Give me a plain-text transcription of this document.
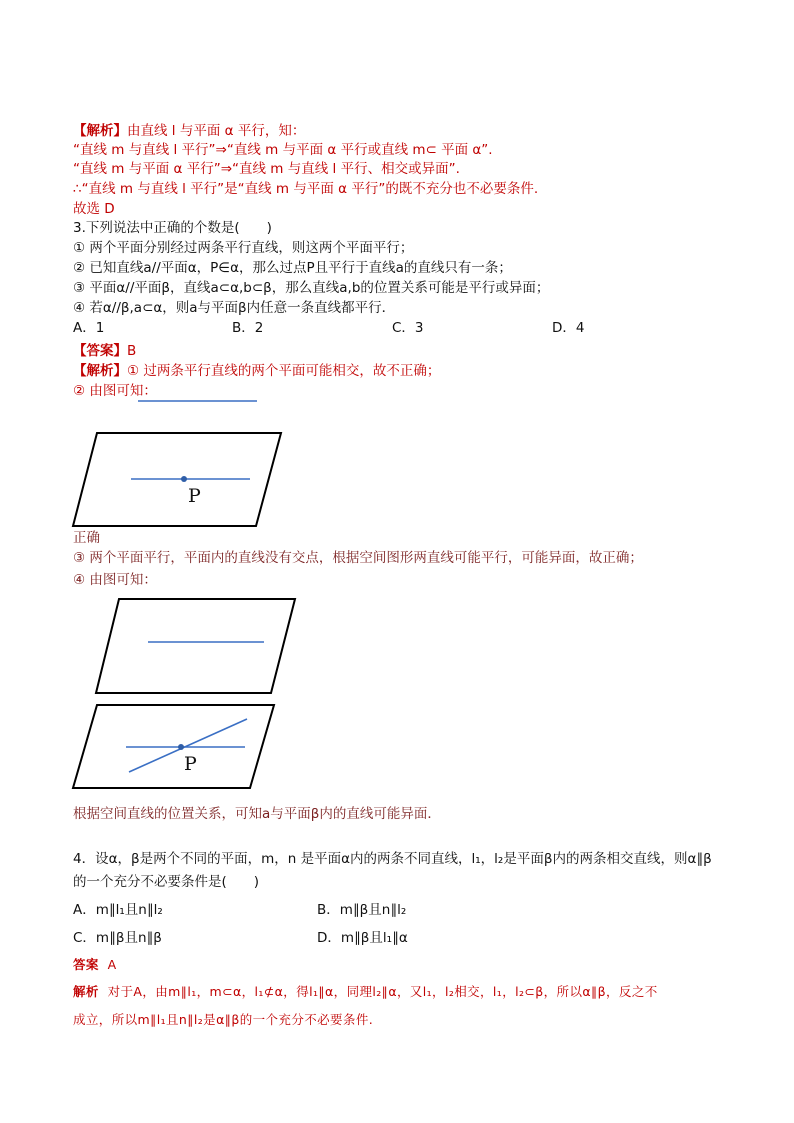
【解析】由直线 l 与平面 α 平行，知：
“直线 m 与直线 l 平行”⇒“直线 m 与平面 α 平行或直线 m⊂ 平面 α”.
“直线 m 与平面 α 平行”⇒“直线 m 与直线 l 平行、相交或异面”.
∴“直线 m 与直线 l 平行”是“直线 m 与平面 α 平行”的既不充分也不必要条件.
故选 D
3.下列说法中正确的个数是(　　)
① 两个平面分别经过两条平行直线，则这两个平面平行；
② 已知直线a//平面α，P∈α，那么过点P且平行于直线a的直线只有一条；
③ 平面α//平面β，直线a⊂α,b⊂β，那么直线a,b的位置关系可能是平行或异面；
④ 若α//β,a⊂α，则a与平面β内任意一条直线都平行．
A．1	B．2	C．3	D．4
【答案】B
【解析】① 过两条平行直线的两个平面可能相交，故不正确；
② 由图可知：
P
正确
③ 两个平面平行，平面内的直线没有交点，根据空间图形两直线可能平行，可能异面，故正确；
④ 由图可知：
P
根据空间直线的位置关系，可知a与平面β内的直线可能异面．
4．设α，β是两个不同的平面，m，n 是平面α内的两条不同直线，l₁，l₂是平面β内的两条相交直线，则α∥β
的一个充分不必要条件是(　　)
A．m∥l₁且n∥l₂	B．m∥β且n∥l₂
C．m∥β且n∥β	D．m∥β且l₁∥α
答案 A
解析 对于A，由m∥l₁，m⊂α，l₁⊄α，得l₁∥α，同理l₂∥α，又l₁，l₂相交，l₁，l₂⊂β，所以α∥β，反之不
成立，所以m∥l₁且n∥l₂是α∥β的一个充分不必要条件.
